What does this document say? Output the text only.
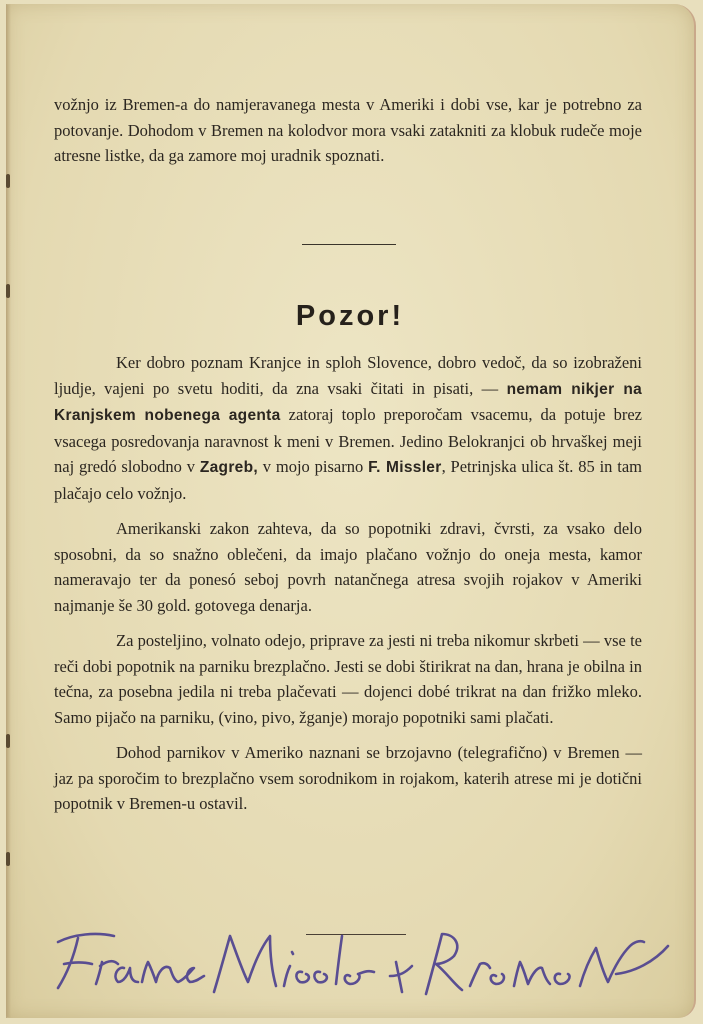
vožnjo iz Bremen-a do namjeravanega mesta v Ameriki i dobi vse, kar je potrebno za potovanje. Dohodom v Bremen na kolodvor mora vsaki zatakniti za klobuk rudeče moje atresne listke, da ga zamore moj uradnik spoznati.

Pozor!

Ker dobro poznam Kranjce in sploh Slovence, dobro vedoč, da so izobraženi ljudje, vajeni po svetu hoditi, da zna vsaki čitati in pisati, — nemam nikjer na Kranjskem nobenega agenta zatoraj toplo preporočam vsacemu, da potuje brez vsacega posredovanja naravnost k meni v Bremen. Jedino Belokranjci ob hrvaškej meji naj gredó slobodno v Zagreb, v mojo pisarno F. Missler, Petrinjska ulica št. 85 in tam plačajo celo vožnjo.

Amerikanski zakon zahteva, da so popotniki zdravi, čvrsti, za vsako delo sposobni, da so snažno oblečeni, da imajo plačano vožnjo do oneja mesta, kamor nameravajo ter da ponesó seboj povrh natančnega atresa svojih rojakov v Ameriki najmanje še 30 gold. gotovega denarja.

Za posteljino, volnato odejo, priprave za jesti ni treba nikomur skrbeti — vse te reči dobi popotnik na parniku brezplačno. Jesti se dobi štirikrat na dan, hrana je obilna in tečna, za posebna jedila ni treba plačevati — dojenci dobé trikrat na dan frižko mleko. Samo pijačo na parniku, (vino, pivo, žganje) morajo popotniki sami plačati.

Dohod parnikov v Ameriko naznani se brzojavno (telegrafično) v Bremen — jaz pa sporočim to brezplačno vsem sorodnikom in rojakom, katerih atrese mi je dotični popotnik v Bremen-u ostavil.
